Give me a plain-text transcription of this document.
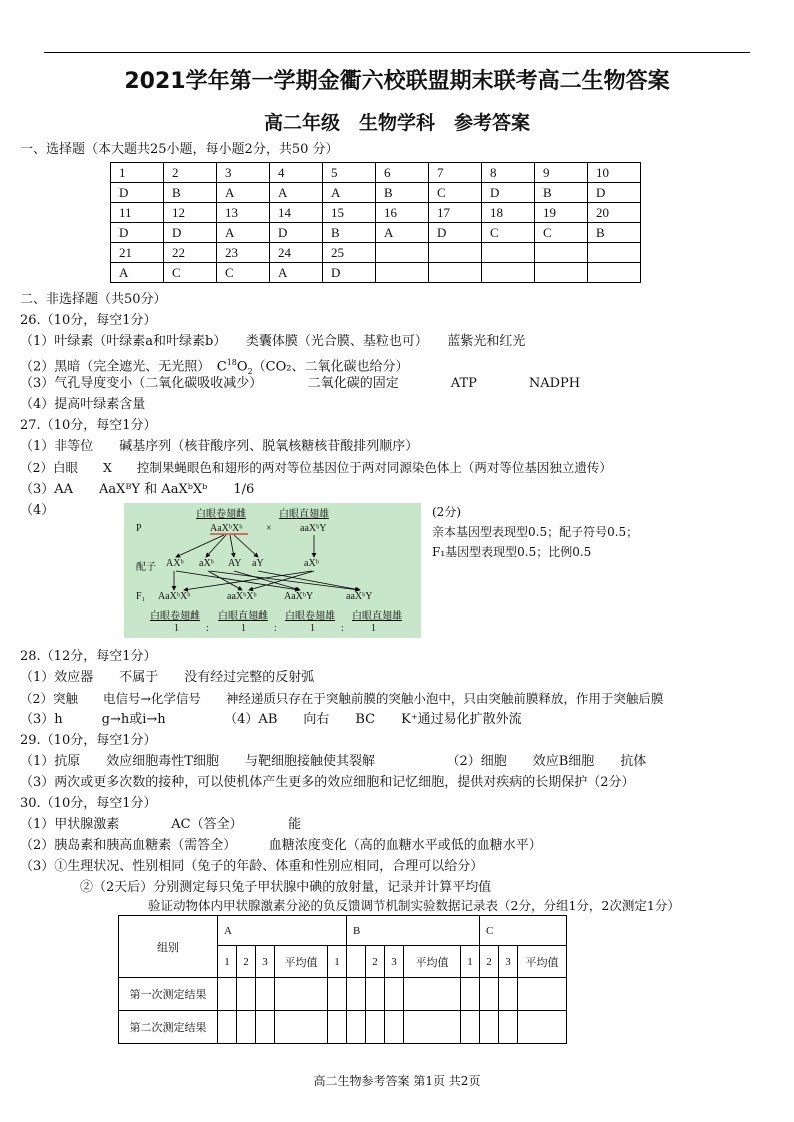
2021学年第一学期金衢六校联盟期末联考高二生物答案
高二年级　生物学科　参考答案
一、选择题（本大题共25小题，每小题2分，共50 分）
1	2	3	4	5	6	7	8	9	10
D	B	A	A	A	B	C	D	B	D
11	12	13	14	15	16	17	18	19	20
D	D	A	D	B	A	D	C	C	B
21	22	23	24	25					
A	C	C	A	D					
二、非选择题（共50分）
26.（10分，每空1分）
（1）叶绿素（叶绿素a和叶绿素b）　　类囊体膜（光合膜、基粒也可）　　蓝紫光和红光
（2）黑暗（完全遮光、无光照）　$C^{18}O_2(CO_2$、二氧化碳也给分）
（3）气孔导度变小（二氧化碳吸收减少）　　　　二氧化碳的固定　　　　ATP　　　　NADPH
（4）提高叶绿素含量
27.（10分，每空1分）
（1）非等位　　碱基序列（核苷酸序列、脱氧核糖核苷酸排列顺序）
（2）白眼　　X　　控制果蝇眼色和翅形的两对等位基因位于两对同源染色体上（两对等位基因独立遗传）
（3）AA　　AaXᴮY 和 AaXᵇXᵇ　　1/6
（4）	(2分)
亲本基因型表现型0.5；配子符号0.5；
F₁基因型表现型0.5；比例0.5
白眼卷翅雌	白眼直翅雄
P	AaXᵇXᵇ ×	aaXᵇY
配子 AXᵇ aXᵇ AY aY	aXᵇ
F₁ AaXᵇXᵇ	aaXᵇXᵇ	AaXᵇY	aaXᵇY
白眼卷翅雌 白眼直翅雌 白眼卷翅雄 白眼直翅雄
1	:	1	:	1	:	1
28.（12分，每空1分）
（1）效应器　　不属于　　没有经过完整的反射弧
（2）突触　　电信号→化学信号　　神经递质只存在于突触前膜的突触小泡中，只由突触前膜释放，作用于突触后膜
（3）h　　　g→h或i→h　　　　　（4）AB　　向右　　BC　　K⁺通过易化扩散外流
29.（10分，每空1分）
（1）抗原　　效应细胞毒性T细胞　　与靶细胞接触使其裂解　　　　　　（2）细胞　　效应B细胞　　抗体
（3）两次或更多次数的接种，可以使机体产生更多的效应细胞和记忆细胞，提供对疾病的长期保护（2分）
30.（10分，每空1分）
（1）甲状腺激素　　　　AC（答全）　　　　能
（2）胰岛素和胰高血糖素（需答全）　　　血糖浓度变化（高的血糖水平或低的血糖水平）
（3）①生理状况、性别相同（兔子的年龄、体重和性别应相同，合理可以给分）
②（2天后）分别测定每只兔子甲状腺中碘的放射量，记录并计算平均值
验证动物体内甲状腺激素分泌的负反馈调节机制实验数据记录表（2分，分组1分，2次测定1分）
组别	A					B					C		
	1	2	3	平均值	1		2	3	平均值	1	2	3	平均值
第一次测定结果													
第二次测定结果													
高二生物参考答案 第1页 共2页
